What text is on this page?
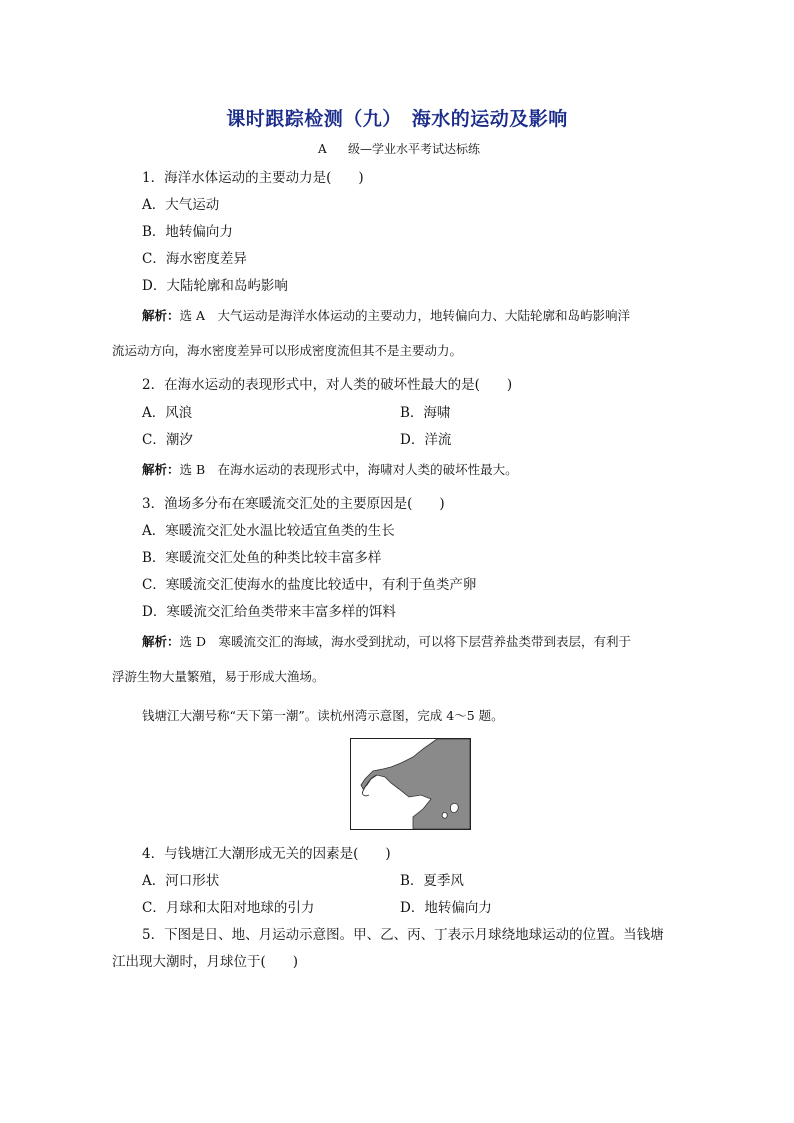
课时跟踪检测（九）　海水的运动及影响
A 级—学业水平考试达标练
1．海洋水体运动的主要动力是(　　)
A．大气运动
B．地转偏向力
C．海水密度差异
D．大陆轮廓和岛屿影响
解析：选 A　大气运动是海洋水体运动的主要动力，地转偏向力、大陆轮廓和岛屿影响洋
流运动方向，海水密度差异可以形成密度流但其不是主要动力。
2．在海水运动的表现形式中，对人类的破坏性最大的是(　　)
A．风浪	B．海啸
C．潮汐	D．洋流
解析：选 B　在海水运动的表现形式中，海啸对人类的破坏性最大。
3．渔场多分布在寒暖流交汇处的主要原因是(　　)
A．寒暖流交汇处水温比较适宜鱼类的生长
B．寒暖流交汇处鱼的种类比较丰富多样
C．寒暖流交汇使海水的盐度比较适中，有利于鱼类产卵
D．寒暖流交汇给鱼类带来丰富多样的饵料
解析：选 D　寒暖流交汇的海域，海水受到扰动，可以将下层营养盐类带到表层，有利于
浮游生物大量繁殖，易于形成大渔场。
钱塘江大潮号称“天下第一潮”。读杭州湾示意图，完成 4～5 题。
4．与钱塘江大潮形成无关的因素是(　　)
A．河口形状	B．夏季风
C．月球和太阳对地球的引力	D．地转偏向力
5．下图是日、地、月运动示意图。甲、乙、丙、丁表示月球绕地球运动的位置。当钱塘
江出现大潮时，月球位于(　　)
